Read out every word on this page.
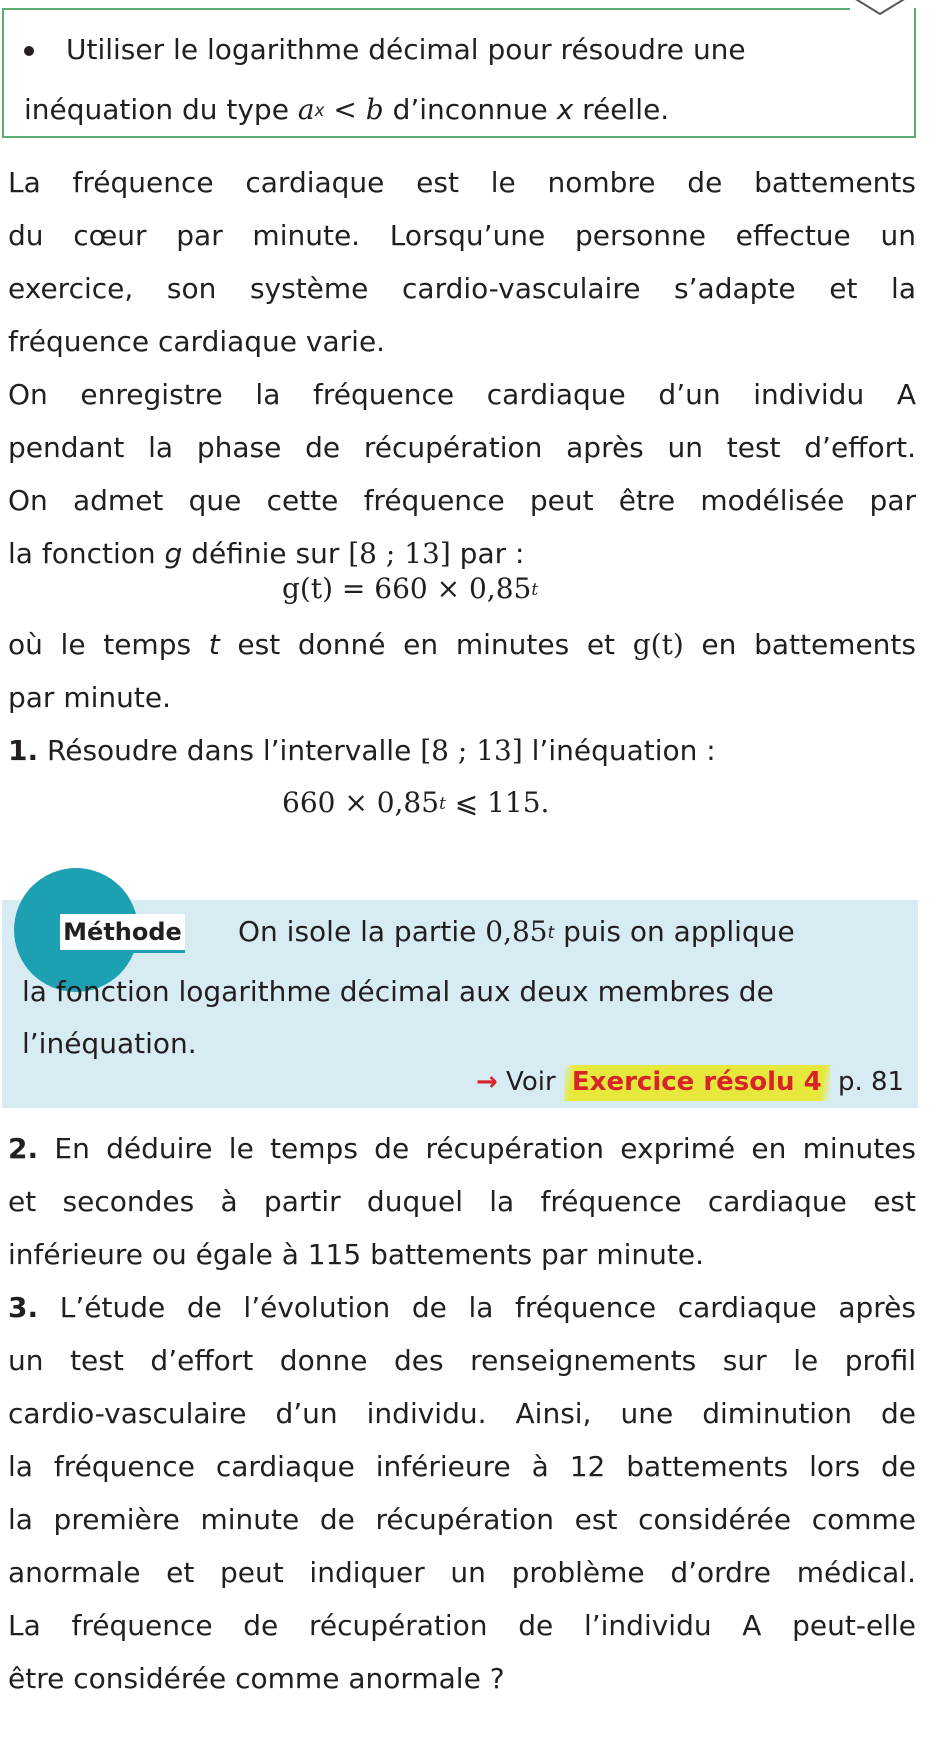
Utiliser le logarithme décimal pour résoudre une
inéquation du type $a^x < b$ d’inconnue x réelle.
La fréquence cardiaque est le nombre de battements
du cœur par minute. Lorsqu’une personne effectue un
exercice, son système cardio-vasculaire s’adapte et la
fréquence cardiaque varie.
On enregistre la fréquence cardiaque d’un individu A
pendant la phase de récupération après un test d’effort.
On admet que cette fréquence peut être modélisée par
la fonction g définie sur [8 ; 13] par :
$g(t) = 660 \times 0,85^t$
où le temps t est donné en minutes et g(t) en battements
par minute.
1. Résoudre dans l’intervalle [8 ; 13] l’inéquation :
$660 \times 0,85^t$ ⩽ 115.
Méthode On isole la partie 0,85$^t$ puis on applique
la fonction logarithme décimal aux deux membres de l’inéquation.
→ Voir Exercice résolu 4 p. 81
2. En déduire le temps de récupération exprimé en minutes
et secondes à partir duquel la fréquence cardiaque est
inférieure ou égale à 115 battements par minute.
3. L’étude de l’évolution de la fréquence cardiaque après
un test d’effort donne des renseignements sur le profil
cardio-vasculaire d’un individu. Ainsi, une diminution de
la fréquence cardiaque inférieure à 12 battements lors de
la première minute de récupération est considérée comme
anormale et peut indiquer un problème d’ordre médical.
La fréquence de récupération de l’individu A peut-elle
être considérée comme anormale ?
